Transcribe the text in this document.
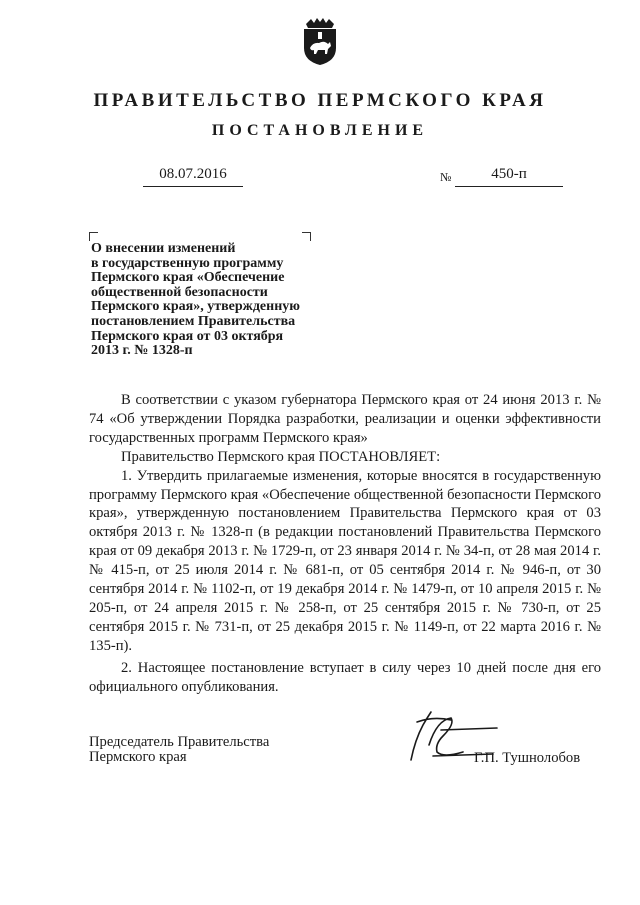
ПРАВИТЕЛЬСТВО ПЕРМСКОГО КРАЯ
ПОСТАНОВЛЕНИЕ
08.07.2016	№	450-п
О внесении изменений
в государственную программу
Пермского края «Обеспечение
общественной безопасности
Пермского края», утвержденную
постановлением Правительства
Пермского края от 03 октября
2013 г. № 1328-п

В соответствии с указом губернатора Пермского края от 24 июня 2013 г. № 74 «Об утверждении Порядка разработки, реализации и оценки эффективности государственных программ Пермского края»

Правительство Пермского края ПОСТАНОВЛЯЕТ:

1. Утвердить прилагаемые изменения, которые вносятся в государственную программу Пермского края «Обеспечение общественной безопасности Пермского края», утвержденную постановлением Правительства Пермского края от 03 октября 2013 г. № 1328-п (в редакции постановлений Правительства Пермского края от 09 декабря 2013 г. № 1729-п, от 23 января 2014 г. № 34-п, от 28 мая 2014 г. № 415-п, от 25 июля 2014 г. № 681-п, от 05 сентября 2014 г. № 946-п, от 30 сентября 2014 г. № 1102-п, от 19 декабря 2014 г. № 1479-п, от 10 апреля 2015 г. № 205-п, от 24 апреля 2015 г. № 258-п, от 25 сентября 2015 г. № 730-п, от 25 сентября 2015 г. № 731-п, от 25 декабря 2015 г. № 1149-п, от 22 марта 2016 г. № 135-п).

2. Настоящее постановление вступает в силу через 10 дней после дня его официального опубликования.

Председатель Правительства
Пермского края	Г.П. Тушнолобов
